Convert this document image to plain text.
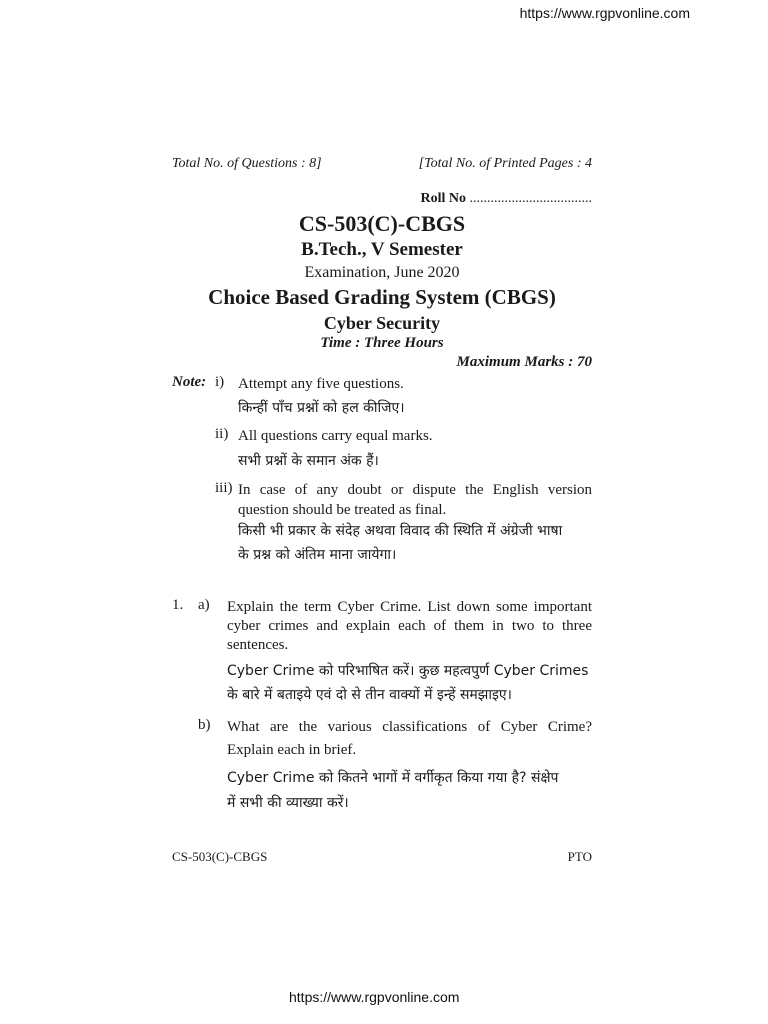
https://www.rgpvonline.com
Total No. of Questions : 8]	[Total No. of Printed Pages : 4
Roll No ...................................
CS-503(C)-CBGS
B.Tech., V Semester
Examination, June 2020
Choice Based Grading System (CBGS)
Cyber Security
Time : Three Hours
Maximum Marks : 70
Note: i) Attempt any five questions.
किन्हीं पाँच प्रश्नों को हल कीजिए।
ii) All questions carry equal marks.
सभी प्रश्नों के समान अंक हैं।
iii) In case of any doubt or dispute the English version
question should be treated as final.
किसी भी प्रकार के संदेह अथवा विवाद की स्थिति में अंग्रेजी भाषा
के प्रश्न को अंतिम माना जायेगा।
1. a) Explain the term Cyber Crime. List down some important
cyber crimes and explain each of them in two to three
sentences.
Cyber Crime को परिभाषित करें। कुछ महत्वपुर्ण Cyber Crimes
के बारे में बताइये एवं दो से तीन वाक्यों में इन्हें समझाइए।
b) What are the various classifications of Cyber Crime?
Explain each in brief.
Cyber Crime को कितने भागों में वर्गीकृत किया गया है? संक्षेप
में सभी की व्याख्या करें।
CS-503(C)-CBGS	PTO
https://www.rgpvonline.com
